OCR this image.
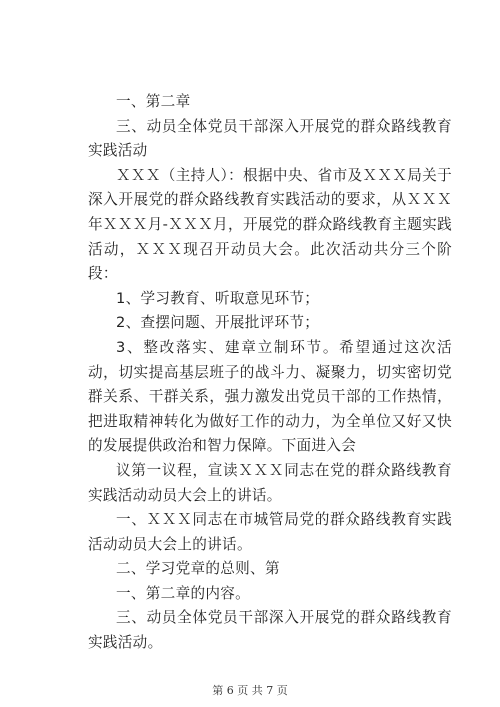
一、第二章

三、动员全体党员干部深入开展党的群众路线教育实践活动

ＸＸＸ（主持人）：根据中央、省市及ＸＸＸ局关于深入开展党的群众路线教育实践活动的要求，从ＸＸＸ年ＸＸＸ月-ＸＸＸ月，开展党的群众路线教育主题实践活动，ＸＸＸ现召开动员大会。此次活动共分三个阶段：

1、学习教育、听取意见环节；

2、查摆问题、开展批评环节；

3、整改落实、建章立制环节。希望通过这次活动，切实提高基层班子的战斗力、凝聚力，切实密切党群关系、干群关系，强力激发出党员干部的工作热情，把进取精神转化为做好工作的动力，为全单位又好又快的发展提供政治和智力保障。下面进入会

议第一议程，宣读ＸＸＸ同志在党的群众路线教育实践活动动员大会上的讲话。

一、ＸＸＸ同志在市城管局党的群众路线教育实践活动动员大会上的讲话。

二、学习党章的总则、第

一、第二章的内容。

三、动员全体党员干部深入开展党的群众路线教育实践活动。

第 6 页 共 7 页
